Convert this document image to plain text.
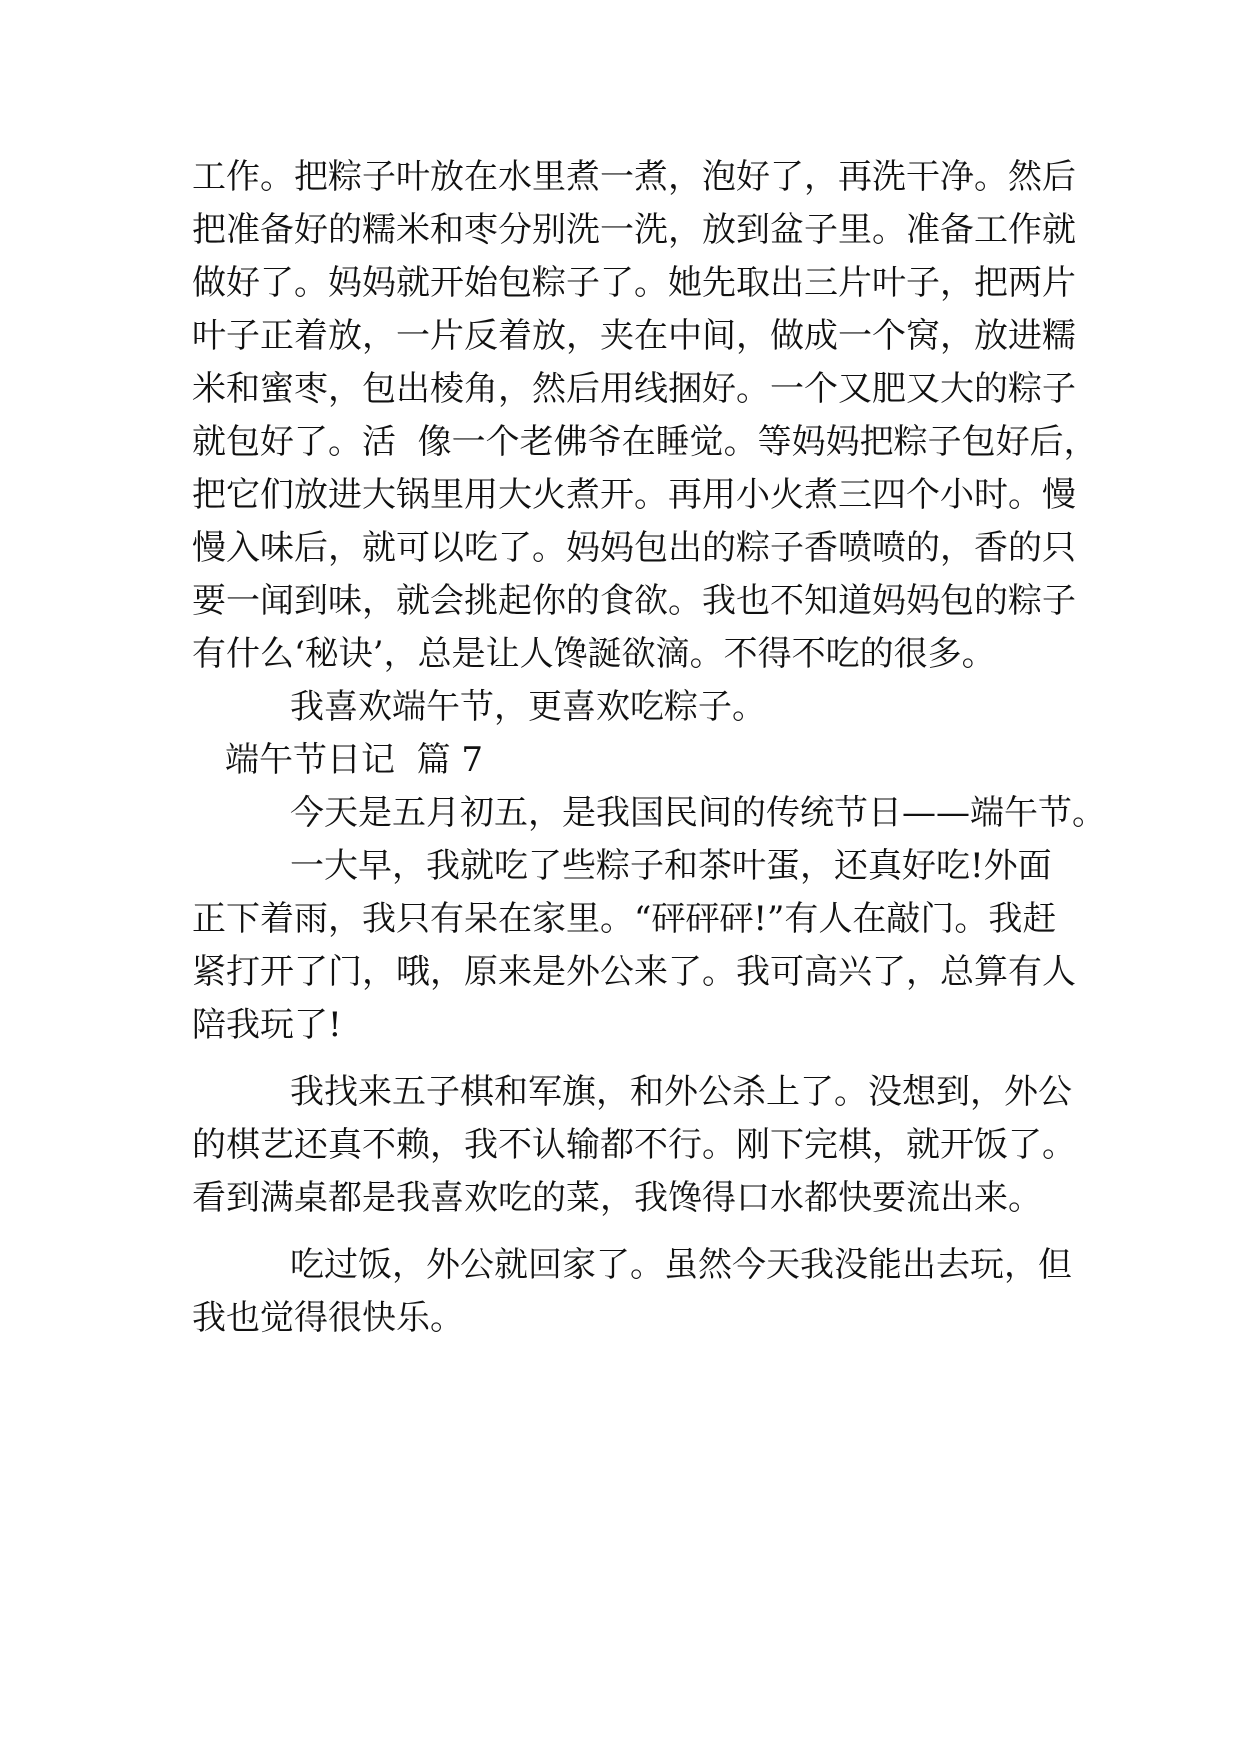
工作。把粽子叶放在水里煮一煮，泡好了，再洗干净。然后
把准备好的糯米和枣分别洗一洗，放到盆子里。准备工作就
做好了。妈妈就开始包粽子了。她先取出三片叶子，把两片
叶子正着放，一片反着放，夹在中间，做成一个窝，放进糯
米和蜜枣，包出棱角，然后用线捆好。一个又肥又大的粽子
就包好了。活  像一个老佛爷在睡觉。等妈妈把粽子包好后，
把它们放进大锅里用大火煮开。再用小火煮三四个小时。慢
慢入味后，就可以吃了。妈妈包出的粽子香喷喷的，香的只
要一闻到味，就会挑起你的食欲。我也不知道妈妈包的粽子
有什么‘秘诀’，总是让人馋誕欲滴。不得不吃的很多。
我喜欢端午节，更喜欢吃粽子。
端午节日记  篇 7
今天是五月初五，是我国民间的传统节日——端午节。
一大早，我就吃了些粽子和茶叶蛋，还真好吃!外面
正下着雨，我只有呆在家里。“砰砰砰!”有人在敲门。我赶
紧打开了门，哦，原来是外公来了。我可高兴了，总算有人
陪我玩了!
我找来五子棋和军旗，和外公杀上了。没想到，外公
的棋艺还真不赖，我不认输都不行。刚下完棋，就开饭了。
看到满桌都是我喜欢吃的菜，我馋得口水都快要流出来。
吃过饭，外公就回家了。虽然今天我没能出去玩，但
我也觉得很快乐。
